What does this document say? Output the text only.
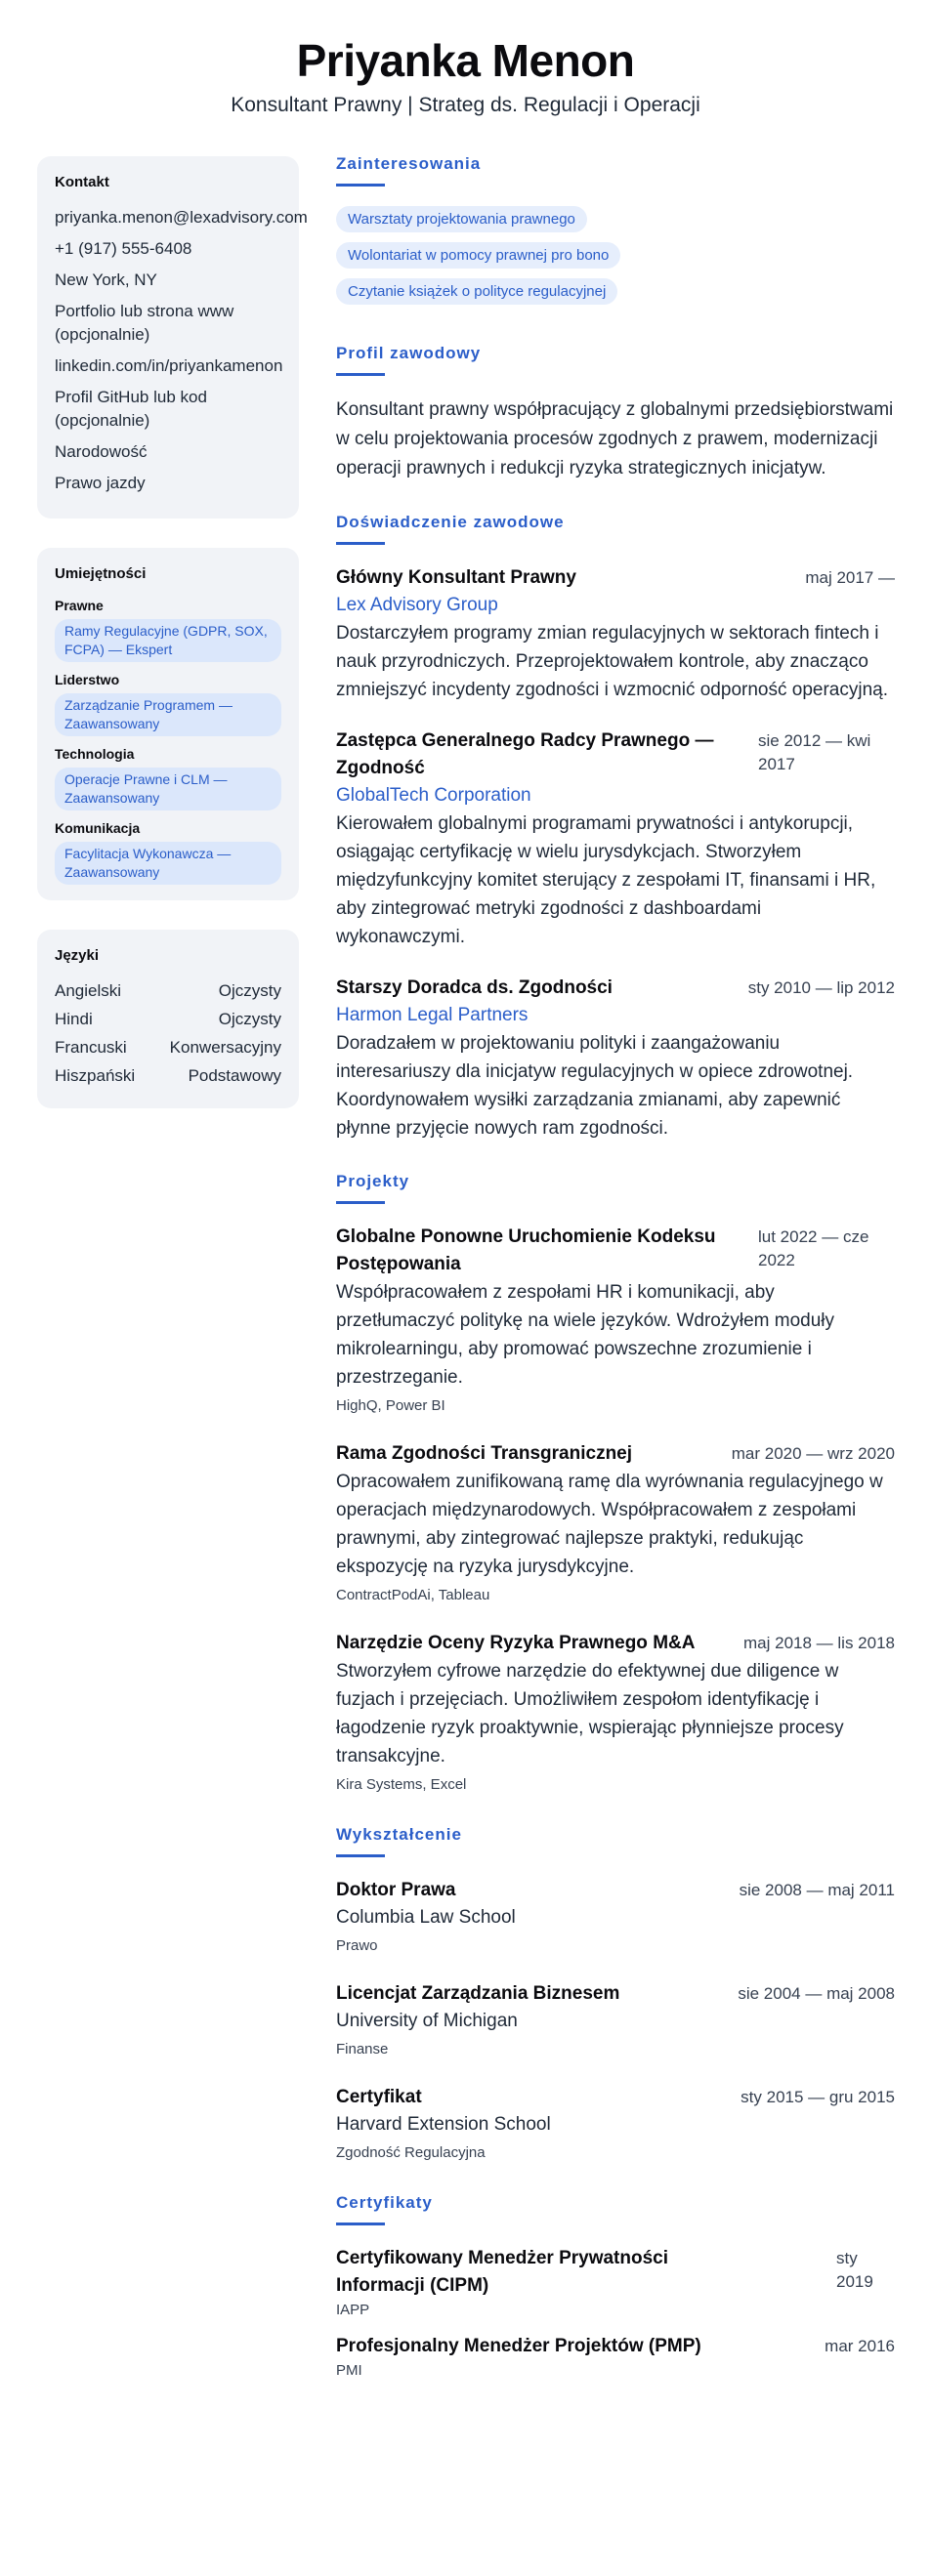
Priyanka Menon
Konsultant Prawny | Strateg ds. Regulacji i Operacji
Kontakt
priyanka.menon@lexadvisory.com
+1 (917) 555-6408
New York, NY
Portfolio lub strona www
(opcjonalnie)
linkedin.com/in/priyankamenon
Profil GitHub lub kod
(opcjonalnie)
Narodowość
Prawo jazdy
Umiejętności
Prawne
Ramy Regulacyjne (GDPR, SOX, FCPA) — Ekspert
Liderstwo
Zarządzanie Programem — Zaawansowany
Technologia
Operacje Prawne i CLM — Zaawansowany
Komunikacja
Facylitacja Wykonawcza — Zaawansowany
Języki
Angielski	Ojczysty
Hindi	Ojczysty
Francuski	Konwersacyjny
Hiszpański	Podstawowy
Zainteresowania
Warsztaty projektowania prawnego
Wolontariat w pomocy prawnej pro bono
Czytanie książek o polityce regulacyjnej
Profil zawodowy
Konsultant prawny współpracujący z globalnymi przedsiębiorstwami w celu projektowania procesów zgodnych z prawem, modernizacji operacji prawnych i redukcji ryzyka strategicznych inicjatyw.
Doświadczenie zawodowe
Główny Konsultant Prawny	maj 2017 —
Lex Advisory Group
Dostarczyłem programy zmian regulacyjnych w sektorach fintech i nauk przyrodniczych. Przeprojektowałem kontrole, aby znacząco zmniejszyć incydenty zgodności i wzmocnić odporność operacyjną.
Zastępca Generalnego Radcy Prawnego — Zgodność
sie 2012 — kwi 2017
GlobalTech Corporation
Kierowałem globalnymi programami prywatności i antykorupcji, osiągając certyfikację w wielu jurysdykcjach. Stworzyłem międzyfunkcyjny komitet sterujący z zespołami IT, finansami i HR, aby zintegrować metryki zgodności z dashboardami wykonawczymi.
Starszy Doradca ds. Zgodności	sty 2010 — lip 2012
Harmon Legal Partners
Doradzałem w projektowaniu polityki i zaangażowaniu interesariuszy dla inicjatyw regulacyjnych w opiece zdrowotnej. Koordynowałem wysiłki zarządzania zmianami, aby zapewnić płynne przyjęcie nowych ram zgodności.
Projekty
Globalne Ponowne Uruchomienie Kodeksu Postępowania
lut 2022 — cze 2022
Współpracowałem z zespołami HR i komunikacji, aby przetłumaczyć politykę na wiele języków. Wdrożyłem moduły mikrolearningu, aby promować powszechne zrozumienie i przestrzeganie.
HighQ, Power BI
Rama Zgodności Transgranicznej	mar 2020 — wrz 2020
Opracowałem zunifikowaną ramę dla wyrównania regulacyjnego w operacjach międzynarodowych. Współpracowałem z zespołami prawnymi, aby zintegrować najlepsze praktyki, redukując ekspozycję na ryzyka jurysdykcyjne.
ContractPodAi, Tableau
Narzędzie Oceny Ryzyka Prawnego M&A	maj 2018 — lis 2018
Stworzyłem cyfrowe narzędzie do efektywnej due diligence w fuzjach i przejęciach. Umożliwiłem zespołom identyfikację i łagodzenie ryzyk proaktywnie, wspierając płynniejsze procesy transakcyjne.
Kira Systems, Excel
Wykształcenie
Doktor Prawa	sie 2008 — maj 2011
Columbia Law School
Prawo
Licencjat Zarządzania Biznesem	sie 2004 — maj 2008
University of Michigan
Finanse
Certyfikat	sty 2015 — gru 2015
Harvard Extension School
Zgodność Regulacyjna
Certyfikaty
Certyfikowany Menedżer Prywatności Informacji (CIPM)
sty 2019
IAPP
Profesjonalny Menedżer Projektów (PMP)	mar 2016
PMI
